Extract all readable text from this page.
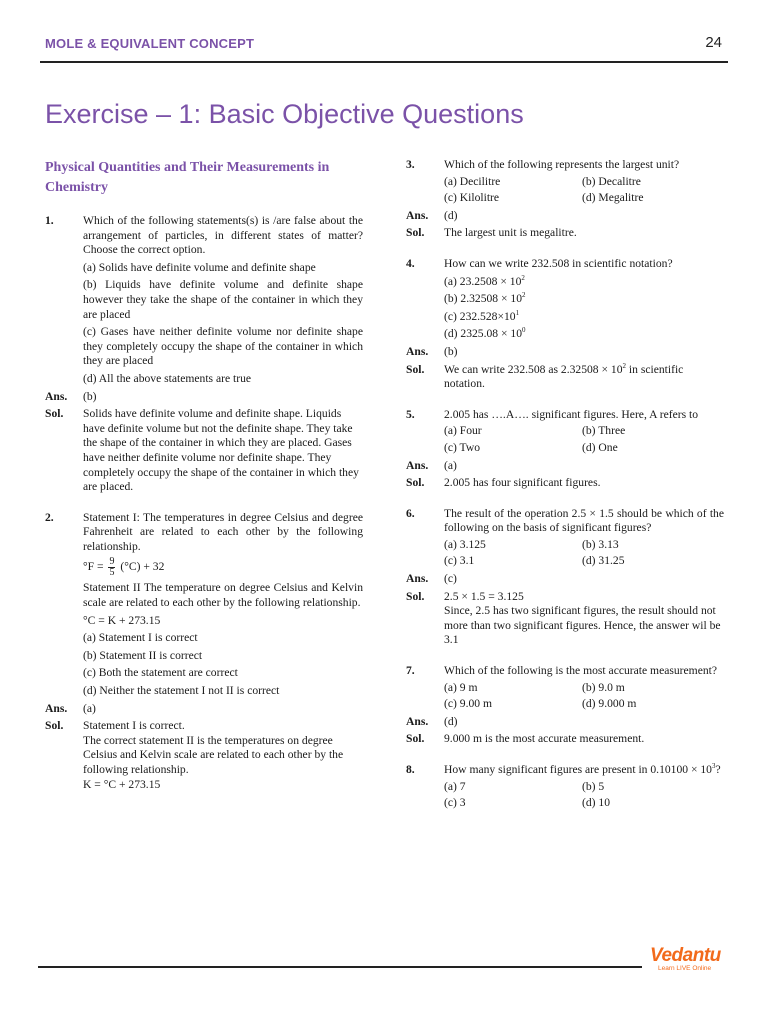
MOLE & EQUIVALENT CONCEPT	24
Exercise – 1: Basic Objective Questions
Physical Quantities and Their Measurements in Chemistry
1.	Which of the following statements(s) is /are false about the arrangement of particles, in different states of matter? Choose the correct option.
(a) Solids have definite volume and definite shape
(b) Liquids have definite volume and definite shape however they take the shape of the container in which they are placed
(c) Gases have neither definite volume nor definite shape they completely occupy the shape of the container in which they are placed
(d) All the above statements are true
Ans.	(b)
Sol.	Solids have definite volume and definite shape. Liquids have definite volume but not the definite shape. They take the shape of the container in which they are placed. Gases have neither definite volume nor definite shape. They completely occupy the shape of the container in which they are placed.
2.	Statement I: The temperatures in degree Celsius and degree Fahrenheit are related to each other by the following relationship.
$^\circ F = \frac{9}{5} (^\circ C) + 32$
Statement II The temperature on degree Celsius and Kelvin scale are related to each other by the following relationship.
°C = K + 273.15
(a) Statement I is correct
(b) Statement II is correct
(c) Both the statement are correct
(d) Neither the statement I not II is correct
Ans.	(a)
Sol.	Statement I is correct.
The correct statement II is the temperatures on degree Celsius and Kelvin scale are related to each other by the following relationship.
K = °C + 273.15
3.	Which of the following represents the largest unit?
(a) Decilitre	(b) Decalitre
(c) Kilolitre	(d) Megalitre
Ans.	(d)
Sol.	The largest unit is megalitre.
4.	How can we write 232.508 in scientific notation?
(a) $23.2508 \times 10^2$
(b) $2.32508 \times 10^2$
(c) $232.528\times 10^1$
(d) $2325.08 \times 10^0$
Ans.	(b)
Sol.	We can write 232.508 as $2.32508 \times 10^2$ in scientific notation.
5.	2.005 has ….A…. significant figures. Here, A refers to
(a) Four	(b) Three
(c) Two	(d) One
Ans.	(a)
Sol.	2.005 has four significant figures.
6.	The result of the operation 2.5 × 1.5 should be which of the following on the basis of significant figures?
(a) 3.125	(b) 3.13
(c) 3.1	(d) 31.25
Ans.	(c)
Sol.	2.5 × 1.5 = 3.125
Since, 2.5 has two significant figures, the result should not more than two significant figures. Hence, the answer wil be 3.1
7.	Which of the following is the most accurate measurement?
(a) 9 m	(b) 9.0 m
(c) 9.00 m	(d) 9.000 m
Ans.	(d)
Sol.	9.000 m is the most accurate measurement.
8.	How many significant figures are present in $0.10100 \times 10^3$?
(a) 7	(b) 5
(c) 3	(d) 10
Vedantu
Learn LIVE Online
